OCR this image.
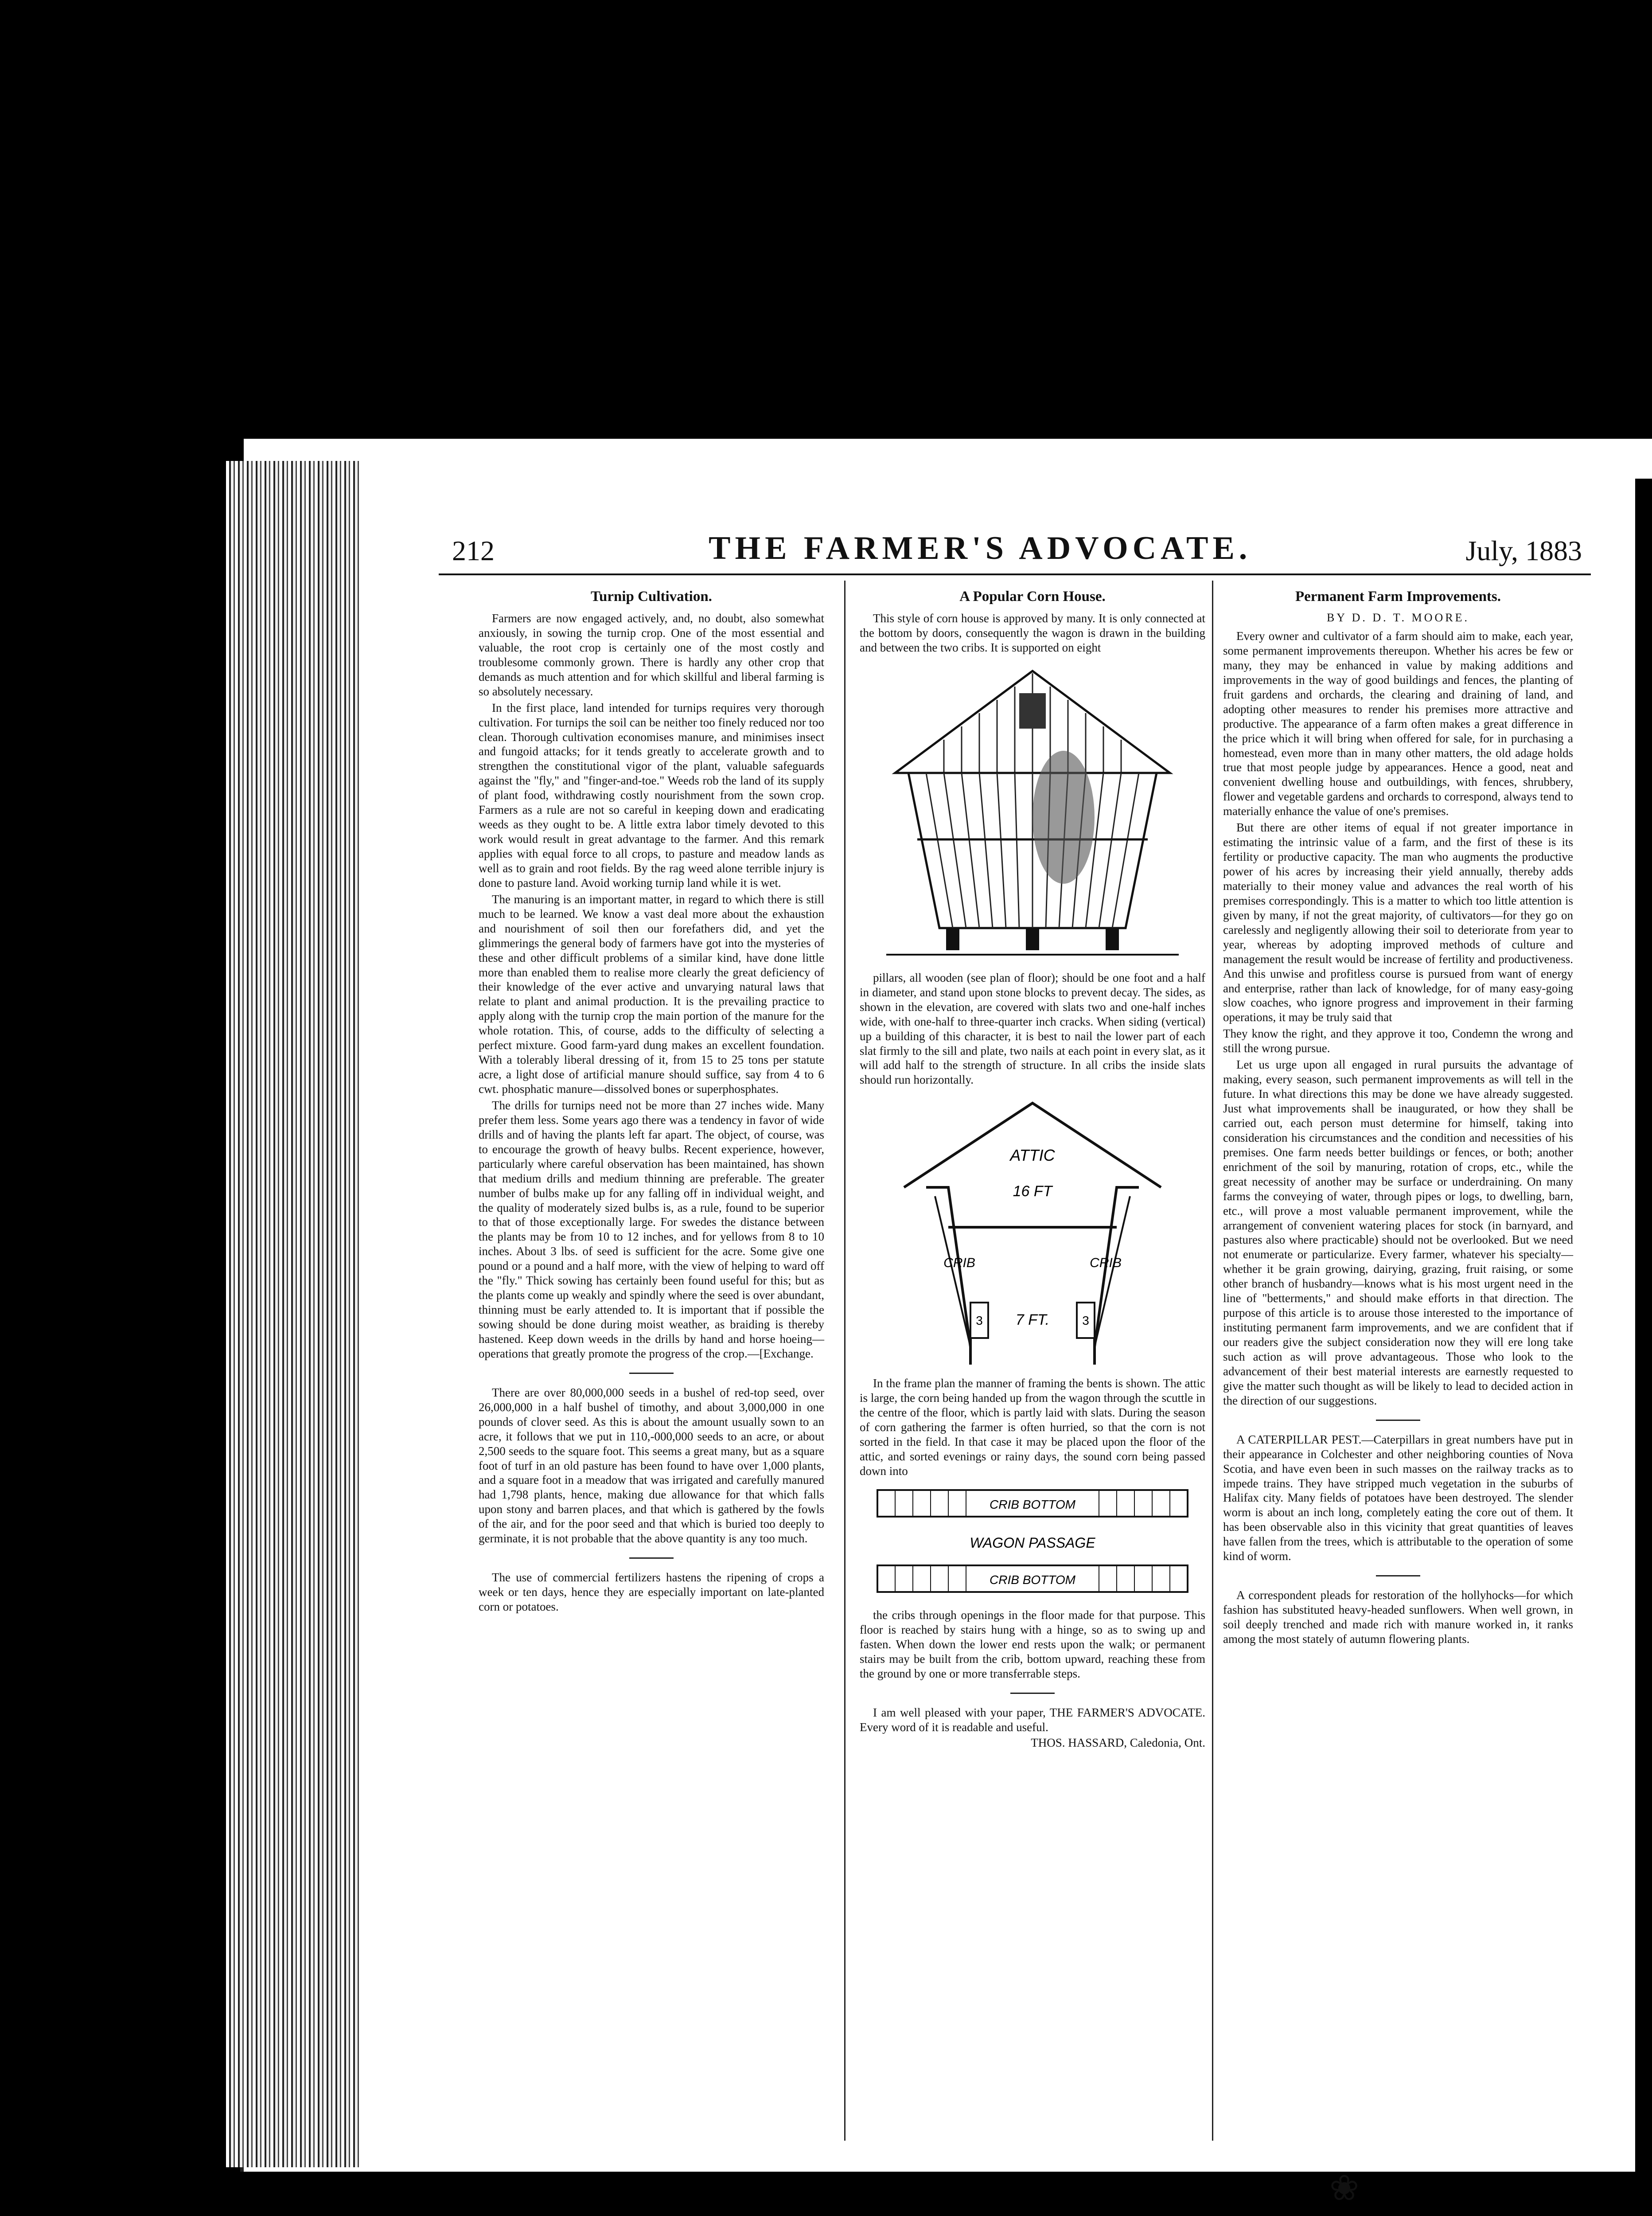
212	THE FARMER'S ADVOCATE.	July, 1883
Turnip Cultivation.

Farmers are now engaged actively, and, no doubt, also somewhat anxiously, in sowing the turnip crop. One of the most essential and valuable, the root crop is certainly one of the most costly and troublesome commonly grown. There is hardly any other crop that demands as much attention and for which skillful and liberal farming is so absolutely necessary.

In the first place, land intended for turnips requires very thorough cultivation. For turnips the soil can be neither too finely reduced nor too clean. Thorough cultivation economises manure, and minimises insect and fungoid attacks; for it tends greatly to accelerate growth and to strengthen the constitutional vigor of the plant, valuable safeguards against the "fly," and "finger-and-toe." Weeds rob the land of its supply of plant food, withdrawing costly nourishment from the sown crop. Farmers as a rule are not so careful in keeping down and eradicating weeds as they ought to be. A little extra labor timely devoted to this work would result in great advantage to the farmer. And this remark applies with equal force to all crops, to pasture and meadow lands as well as to grain and root fields. By the rag weed alone terrible injury is done to pasture land. Avoid working turnip land while it is wet.

The manuring is an important matter, in regard to which there is still much to be learned. We know a vast deal more about the exhaustion and nourishment of soil then our forefathers did, and yet the glimmerings the general body of farmers have got into the mysteries of these and other difficult problems of a similar kind, have done little more than enabled them to realise more clearly the great deficiency of their knowledge of the ever active and unvarying natural laws that relate to plant and animal production. It is the prevailing practice to apply along with the turnip crop the main portion of the manure for the whole rotation. This, of course, adds to the difficulty of selecting a perfect mixture. Good farm-yard dung makes an excellent foundation. With a tolerably liberal dressing of it, from 15 to 25 tons per statute acre, a light dose of artificial manure should suffice, say from 4 to 6 cwt. phosphatic manure—dissolved bones or superphosphates.

The drills for turnips need not be more than 27 inches wide. Many prefer them less. Some years ago there was a tendency in favor of wide drills and of having the plants left far apart. The object, of course, was to encourage the growth of heavy bulbs. Recent experience, however, particularly where careful observation has been maintained, has shown that medium drills and medium thinning are preferable. The greater number of bulbs make up for any falling off in individual weight, and the quality of moderately sized bulbs is, as a rule, found to be superior to that of those exceptionally large. For swedes the distance between the plants may be from 10 to 12 inches, and for yellows from 8 to 10 inches. About 3 lbs. of seed is sufficient for the acre. Some give one pound or a pound and a half more, with the view of helping to ward off the "fly." Thick sowing has certainly been found useful for this; but as the plants come up weakly and spindly where the seed is over abundant, thinning must be early attended to. It is important that if possible the sowing should be done during moist weather, as braiding is thereby hastened. Keep down weeds in the drills by hand and horse hoeing—operations that greatly promote the progress of the crop.—[Exchange.

There are over 80,000,000 seeds in a bushel of red-top seed, over 26,000,000 in a half bushel of timothy, and about 3,000,000 in one pounds of clover seed. As this is about the amount usually sown to an acre, it follows that we put in 110,-000,000 seeds to an acre, or about 2,500 seeds to the square foot. This seems a great many, but as a square foot of turf in an old pasture has been found to have over 1,000 plants, and a square foot in a meadow that was irrigated and carefully manured had 1,798 plants, hence, making due allowance for that which falls upon stony and barren places, and that which is gathered by the fowls of the air, and for the poor seed and that which is buried too deeply to germinate, it is not probable that the above quantity is any too much.

The use of commercial fertilizers hastens the ripening of crops a week or ten days, hence they are especially important on late-planted corn or potatoes.

A Popular Corn House.

This style of corn house is approved by many. It is only connected at the bottom by doors, consequently the wagon is drawn in the building and between the two cribs. It is supported on eight

pillars, all wooden (see plan of floor); should be one foot and a half in diameter, and stand upon stone blocks to prevent decay. The sides, as shown in the elevation, are covered with slats two and one-half inches wide, with one-half to three-quarter inch cracks. When siding (vertical) up a building of this character, it is best to nail the lower part of each slat firmly to the sill and plate, two nails at each point in every slat, as it will add half to the strength of structure. In all cribs the inside slats should run horizontally.

ATTIC
16 FT
CRIB	CRIB
7 FT.
3	3

In the frame plan the manner of framing the bents is shown. The attic is large, the corn being handed up from the wagon through the scuttle in the centre of the floor, which is partly laid with slats. During the season of corn gathering the farmer is often hurried, so that the corn is not sorted in the field. In that case it may be placed upon the floor of the attic, and sorted evenings or rainy days, the sound corn being passed down into

CRIB BOTTOM
WAGON PASSAGE
CRIB BOTTOM

the cribs through openings in the floor made for that purpose. This floor is reached by stairs hung with a hinge, so as to swing up and fasten. When down the lower end rests upon the walk; or permanent stairs may be built from the crib, bottom upward, reaching these from the ground by one or more transferrable steps.

I am well pleased with your paper, THE FARMER'S ADVOCATE. Every word of it is readable and useful.

THOS. HASSARD, Caledonia, Ont.
Permanent Farm Improvements.
BY D. D. T. MOORE.

Every owner and cultivator of a farm should aim to make, each year, some permanent improvements thereupon. Whether his acres be few or many, they may be enhanced in value by making additions and improvements in the way of good buildings and fences, the planting of fruit gardens and orchards, the clearing and draining of land, and adopting other measures to render his premises more attractive and productive. The appearance of a farm often makes a great difference in the price which it will bring when offered for sale, for in purchasing a homestead, even more than in many other matters, the old adage holds true that most people judge by appearances. Hence a good, neat and convenient dwelling house and outbuildings, with fences, shrubbery, flower and vegetable gardens and orchards to correspond, always tend to materially enhance the value of one's premises.

But there are other items of equal if not greater importance in estimating the intrinsic value of a farm, and the first of these is its fertility or productive capacity. The man who augments the productive power of his acres by increasing their yield annually, thereby adds materially to their money value and advances the real worth of his premises correspondingly. This is a matter to which too little attention is given by many, if not the great majority, of cultivators—for they go on carelessly and negligently allowing their soil to deteriorate from year to year, whereas by adopting improved methods of culture and management the result would be increase of fertility and productiveness. And this unwise and profitless course is pursued from want of energy and enterprise, rather than lack of knowledge, for of many easy-going slow coaches, who ignore progress and improvement in their farming operations, it may be truly said that

They know the right, and they approve it too, Condemn the wrong and still the wrong pursue.

Let us urge upon all engaged in rural pursuits the advantage of making, every season, such permanent improvements as will tell in the future. In what directions this may be done we have already suggested. Just what improvements shall be inaugurated, or how they shall be carried out, each person must determine for himself, taking into consideration his circumstances and the condition and necessities of his premises. One farm needs better buildings or fences, or both; another enrichment of the soil by manuring, rotation of crops, etc., while the great necessity of another may be surface or underdraining. On many farms the conveying of water, through pipes or logs, to dwelling, barn, etc., will prove a most valuable permanent improvement, while the arrangement of convenient watering places for stock (in barnyard, and pastures also where practicable) should not be overlooked. But we need not enumerate or particularize. Every farmer, whatever his specialty—whether it be grain growing, dairying, grazing, fruit raising, or some other branch of husbandry—knows what is his most urgent need in the line of "betterments," and should make efforts in that direction. The purpose of this article is to arouse those interested to the importance of instituting permanent farm improvements, and we are confident that if our readers give the subject consideration now they will ere long take such action as will prove advantageous. Those who look to the advancement of their best material interests are earnestly requested to give the matter such thought as will be likely to lead to decided action in the direction of our suggestions.

A CATERPILLAR PEST.—Caterpillars in great numbers have put in their appearance in Colchester and other neighboring counties of Nova Scotia, and have even been in such masses on the railway tracks as to impede trains. They have stripped much vegetation in the suburbs of Halifax city. Many fields of potatoes have been destroyed. The slender worm is about an inch long, completely eating the core out of them. It has been observable also in this vicinity that great quantities of leaves have fallen from the trees, which is attributable to the operation of some kind of worm.

A correspondent pleads for restoration of the hollyhocks—for which fashion has substituted heavy-headed sunflowers. When well grown, in soil deeply trenched and made rich with manure worked in, it ranks among the most stately of autumn flowering plants.

❀
